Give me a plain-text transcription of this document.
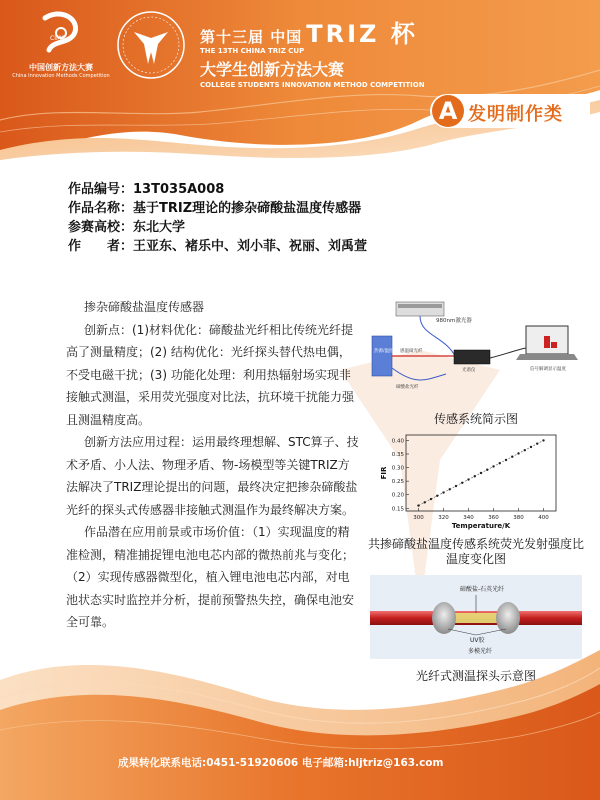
CIMC
中国创新方法大赛
China Innovation Methods Competition
第十三届 中国 TRIZ 杯
THE 13TH CHINA TRIZ CUP
大学生创新方法大赛
COLLEGE STUDENTS INNOVATION METHOD COMPETITION
A 发明制作类
作品编号：13T035A008
作品名称：基于TRIZ理论的掺杂碲酸盐温度传感器
参赛高校：东北大学
作　　者：王亚东、褚乐中、刘小菲、祝丽、刘禹萱

掺杂碲酸盐温度传感器

创新点：(1)材料优化：碲酸盐光纤相比传统光纤提高了测量精度；(2) 结构优化：光纤探头替代热电偶，不受电磁干扰；(3) 功能化处理：利用热辐射场实现非接触式测温，采用荧光强度对比法，抗环境干扰能力强且测温精度高。

创新方法应用过程：运用最终理想解、STC算子、技术矛盾、小人法、物理矛盾、物-场模型等关键TRIZ方法解决了TRIZ理论提出的问题，最终决定把掺杂碲酸盐光纤的探头式传感器非接触式测温作为最终解决方案。

作品潜在应用前景或市场价值：（1）实现温度的精准检测，精准捕捉锂电池电芯内部的微热前兆与变化；（2）实现传感器微型化，植入锂电池电芯内部，对电池状态实时监控并分析，提前预警热失控，确保电池安全可靠。

980nm激光器
热源/温控 感温碲光纤
光谱仪
碲酸盐光纤
信号解调显示温度
传感系统简示图
300	320	340	360	380	400
0.15
0.20
0.25
0.30
0.35
0.40
Temperature/K
FIR
共掺碲酸盐温度传感系统荧光发射强度比温度变化图
碲酸盐-石英光纤
UV胶
多模光纤
光纤式测温探头示意图
成果转化联系电话:0451-51920606 电子邮箱:hljtriz@163.com
